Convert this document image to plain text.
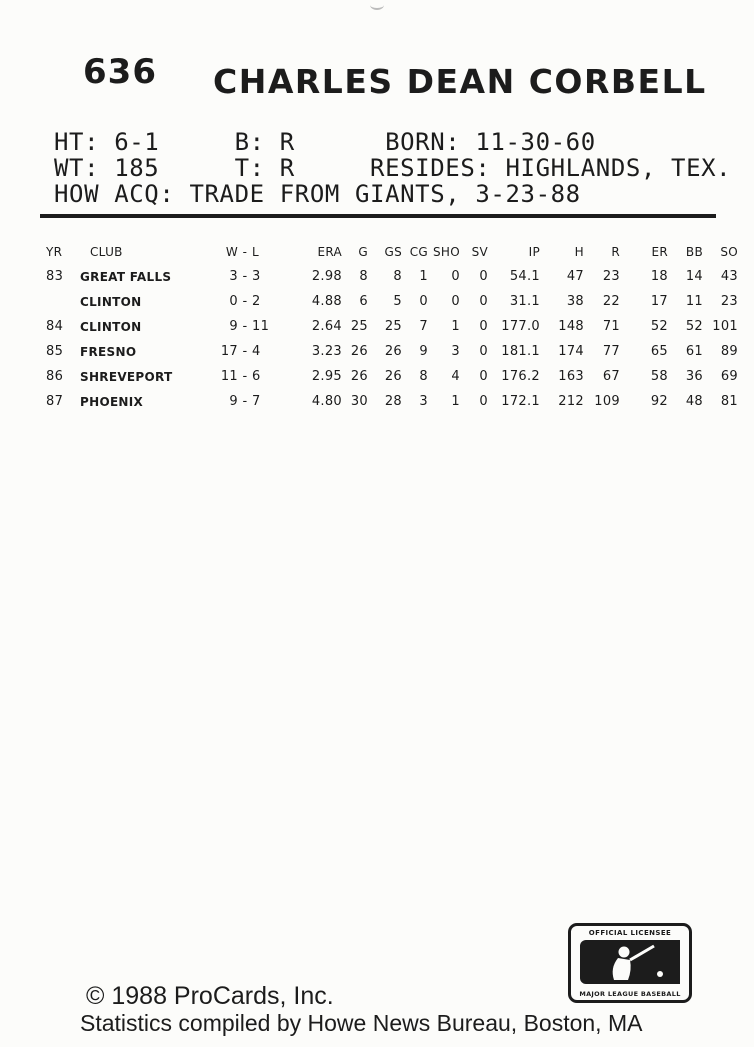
636 CHARLES DEAN CORBELL
HT: 6-1     B: R      BORN: 11-30-60
WT: 185     T: R     RESIDES: HIGHLANDS, TEX.
HOW ACQ: TRADE FROM GIANTS, 3-23-88
YR	CLUB	W	-	L	ERA	G	GS	CG	SHO	SV	IP	H	R	ER	BB	SO
83	GREAT FALLS	3	-	3	2.98	8	8	1	0	0	54.1	47	23	18	14	43
	CLINTON	0	-	2	4.88	6	5	0	0	0	31.1	38	22	17	11	23
84	CLINTON	9	-	11	2.64	25	25	7	1	0	177.0	148	71	52	52	101
85	FRESNO	17	-	4	3.23	26	26	9	3	0	181.1	174	77	65	61	89
86	SHREVEPORT	11	-	6	2.95	26	26	8	4	0	176.2	163	67	58	36	69
87	PHOENIX	9	-	7	4.80	30	28	3	1	0	172.1	212	109	92	48	81
OFFICIAL LICENSEE
MAJOR LEAGUE BASEBALL
© 1988 ProCards, Inc.
Statistics compiled by Howe News Bureau, Boston, MA
